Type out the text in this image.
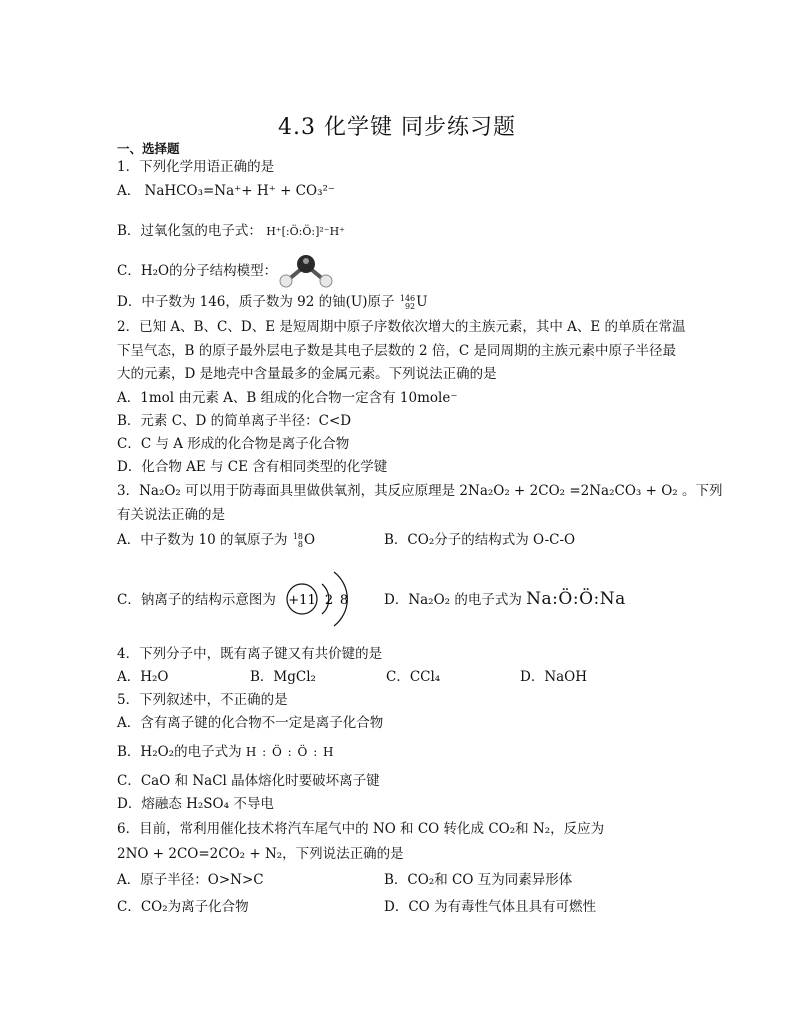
4.3 化学键 同步练习题
一、选择题
1．下列化学用语正确的是
A． NaHCO₃=Na⁺+ H⁺ + CO₃²⁻
B．过氧化氢的电子式： H⁺[:Ö:Ö:]²⁻H⁺
C．H₂O的分子结构模型：
D．中子数为 146，质子数为 92 的铀(U)原子 146
92 U
2．已知 A、B、C、D、E 是短周期中原子序数依次增大的主族元素，其中 A、E 的单质在常温
下呈气态，B 的原子最外层电子数是其电子层数的 2 倍，C 是同周期的主族元素中原子半径最
大的元素，D 是地壳中含量最多的金属元素。下列说法正确的是
A．1mol 由元素 A、B 组成的化合物一定含有 10mole⁻
B．元素 C、D 的简单离子半径：C<D
C．C 与 A 形成的化合物是离子化合物
D．化合物 AE 与 CE 含有相同类型的化学键
3．Na₂O₂ 可以用于防毒面具里做供氧剂，其反应原理是 2Na₂O₂ + 2CO₂ =2Na₂CO₃ + O₂ 。下列
有关说法正确的是
A．中子数为 10 的氧原子为 18
8 O	B．CO₂分子的结构式为 O-C-O
C．钠离子的结构示意图为 +11 2 8	D．Na₂O₂ 的电子式为 Na:Ö:Ö:Na
4．下列分子中，既有离子键又有共价键的是
A．H₂O	B．MgCl₂	C．CCl₄	D．NaOH
5．下列叙述中，不正确的是
A．含有离子键的化合物不一定是离子化合物
B．H₂O₂的电子式为 H : Ö : Ö : H
C．CaO 和 NaCl 晶体熔化时要破坏离子键
D．熔融态 H₂SO₄ 不导电
6．目前，常利用催化技术将汽车尾气中的 NO 和 CO 转化成 CO₂和 N₂，反应为
2NO + 2CO=2CO₂ + N₂，下列说法正确的是
A．原子半径：O>N>C	B．CO₂和 CO 互为同素异形体
C．CO₂为离子化合物	D．CO 为有毒性气体且具有可燃性
